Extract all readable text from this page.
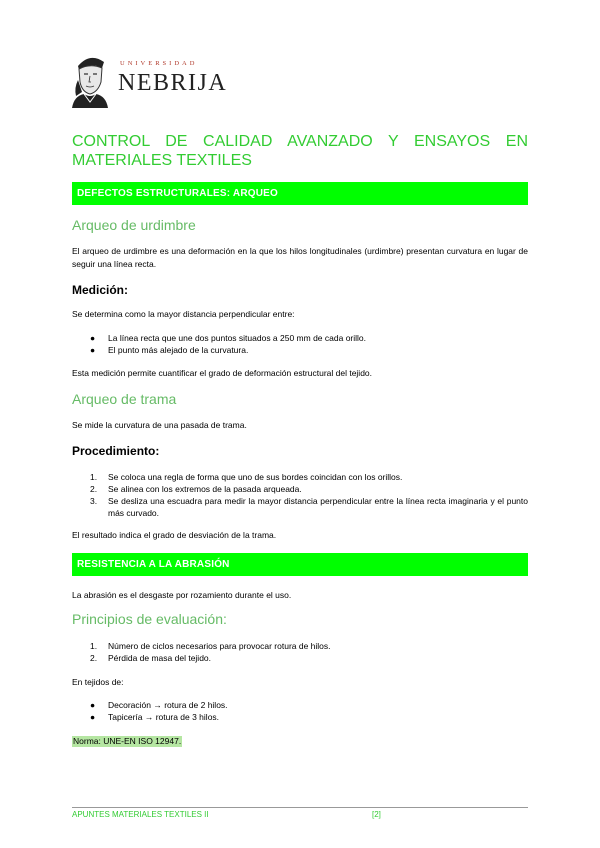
UNIVERSIDAD
NEBRIJA
CONTROL DE CALIDAD AVANZADO Y ENSAYOS EN MATERIALES TEXTILES
DEFECTOS ESTRUCTURALES: ARQUEO
Arqueo de urdimbre
El arqueo de urdimbre es una deformación en la que los hilos longitudinales (urdimbre) presentan curvatura en lugar de seguir una línea recta.
Medición:
Se determina como la mayor distancia perpendicular entre:
●	La línea recta que une dos puntos situados a 250 mm de cada orillo.
●	El punto más alejado de la curvatura.
Esta medición permite cuantificar el grado de deformación estructural del tejido.
Arqueo de trama
Se mide la curvatura de una pasada de trama.
Procedimiento:
1.	Se coloca una regla de forma que uno de sus bordes coincidan con los orillos.
2.	Se alinea con los extremos de la pasada arqueada.
3.	Se desliza una escuadra para medir la mayor distancia perpendicular entre la línea recta imaginaria y el punto más curvado.
El resultado indica el grado de desviación de la trama.
RESISTENCIA A LA ABRASIÓN
La abrasión es el desgaste por rozamiento durante el uso.
Principios de evaluación:
1.	Número de ciclos necesarios para provocar rotura de hilos.
2.	Pérdida de masa del tejido.
En tejidos de:
●	Decoración → rotura de 2 hilos.
●	Tapicería → rotura de 3 hilos.
Norma: UNE-EN ISO 12947.
APUNTES MATERIALES TEXTILES II	[2]
